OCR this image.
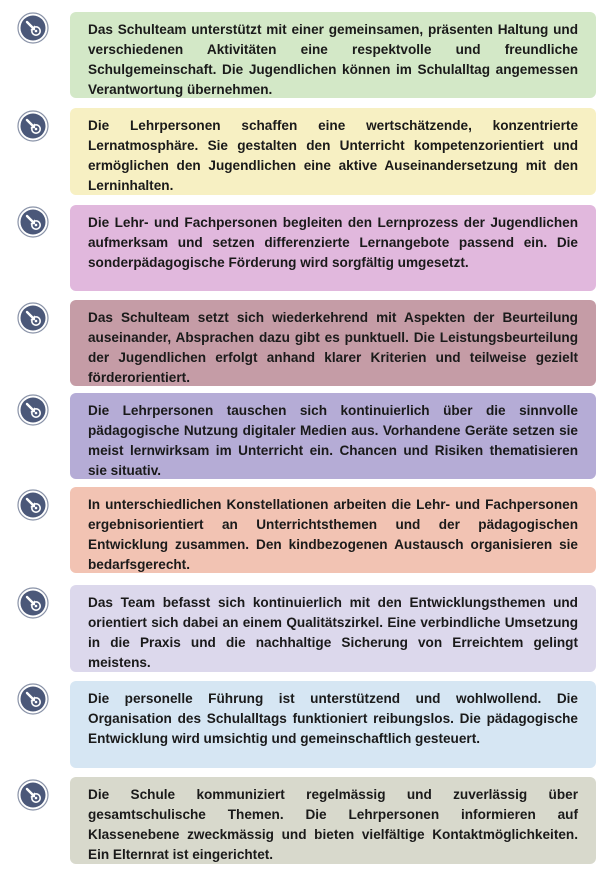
Das Schulteam unterstützt mit einer gemeinsamen, präsenten Haltung und verschiedenen Aktivitäten eine respektvolle und freundliche Schulgemeinschaft. Die Jugendlichen können im Schulalltag angemessen Verantwortung übernehmen.

Die Lehrpersonen schaffen eine wertschätzende, konzentrierte Lernatmosphäre. Sie gestalten den Unterricht kompetenzorientiert und ermöglichen den Jugendlichen eine aktive Auseinandersetzung mit den Lerninhalten.

Die Lehr- und Fachpersonen begleiten den Lernprozess der Jugendlichen aufmerksam und setzen differenzierte Lernangebote passend ein. Die sonderpädagogische Förderung wird sorgfältig umgesetzt.

Das Schulteam setzt sich wiederkehrend mit Aspekten der Beurteilung auseinander, Absprachen dazu gibt es punktuell. Die Leistungsbeurteilung der Jugendlichen erfolgt anhand klarer Kriterien und teilweise gezielt förderorientiert.

Die Lehrpersonen tauschen sich kontinuierlich über die sinnvolle pädagogische Nutzung digitaler Medien aus. Vorhandene Geräte setzen sie meist lernwirksam im Unterricht ein. Chancen und Risiken thematisieren sie situativ.

In unterschiedlichen Konstellationen arbeiten die Lehr- und Fachpersonen ergebnisorientiert an Unterrichtsthemen und der pädagogischen Entwicklung zusammen. Den kindbezogenen Austausch organisieren sie bedarfsgerecht.

Das Team befasst sich kontinuierlich mit den Entwicklungsthemen und orientiert sich dabei an einem Qualitätszirkel. Eine verbindliche Umsetzung in die Praxis und die nachhaltige Sicherung von Erreichtem gelingt meistens.

Die personelle Führung ist unterstützend und wohlwollend. Die Organisation des Schulalltags funktioniert reibungslos. Die pädagogische Entwicklung wird umsichtig und gemeinschaftlich gesteuert.

Die Schule kommuniziert regelmässig und zuverlässig über gesamtschulische Themen. Die Lehrpersonen informieren auf Klassenebene zweckmässig und bieten vielfältige Kontaktmöglichkeiten. Ein Elternrat ist eingerichtet.
